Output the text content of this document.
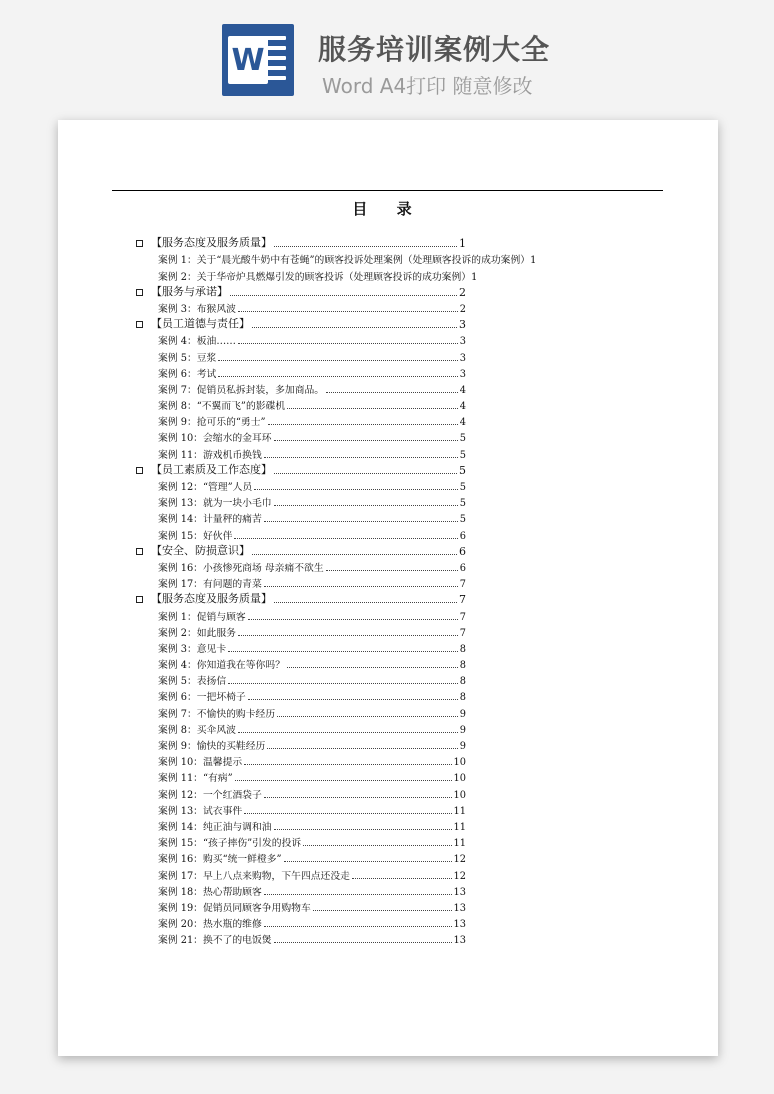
W 服务培训案例大全
Word A4打印 随意修改
目 录
【服务态度及服务质量】	1
案例 1：关于“晨光酸牛奶中有苍蝇”的顾客投诉处理案例（处理顾客投诉的成功案例） 1
案例 2：关于华帝炉具燃爆引发的顾客投诉（处理顾客投诉的成功案例） 1
【服务与承诺】	2
案例 3：布猴风波	2
【员工道德与责任】	3
案例 4：板油……	3
案例 5：豆浆	3
案例 6：考试	3
案例 7：促销员私拆封装，多加商品。	4
案例 8：“不翼而飞”的影碟机	4
案例 9：抢可乐的“勇士”	4
案例 10：会缩水的金耳环	5
案例 11：游戏机币换钱	5
【员工素质及工作态度】	5
案例 12：“管理”人员	5
案例 13：就为一块小毛巾	5
案例 14：计量秤的痛苦	5
案例 15：好伙伴	6
【安全、防损意识】	6
案例 16：小孩惨死商场 母亲痛不欲生	6
案例 17：有问题的青菜	7
【服务态度及服务质量】	7
案例 1：促销与顾客	7
案例 2：如此服务	7
案例 3：意见卡	8
案例 4：你知道我在等你吗？	8
案例 5：表扬信	8
案例 6：一把坏椅子	8
案例 7：不愉快的购卡经历	9
案例 8：买伞风波	9
案例 9：愉快的买鞋经历	9
案例 10：温馨提示	10
案例 11：“有病”	10
案例 12：一个红酒袋子	10
案例 13：试衣事件	11
案例 14：纯正油与调和油	11
案例 15：“孩子摔伤”引发的投诉	11
案例 16：购买“统一鲜橙多”	12
案例 17：早上八点来购物，下午四点还没走	12
案例 18：热心帮助顾客	13
案例 19：促销员同顾客争用购物车	13
案例 20：热水瓶的维修	13
案例 21：换不了的电饭煲	13
